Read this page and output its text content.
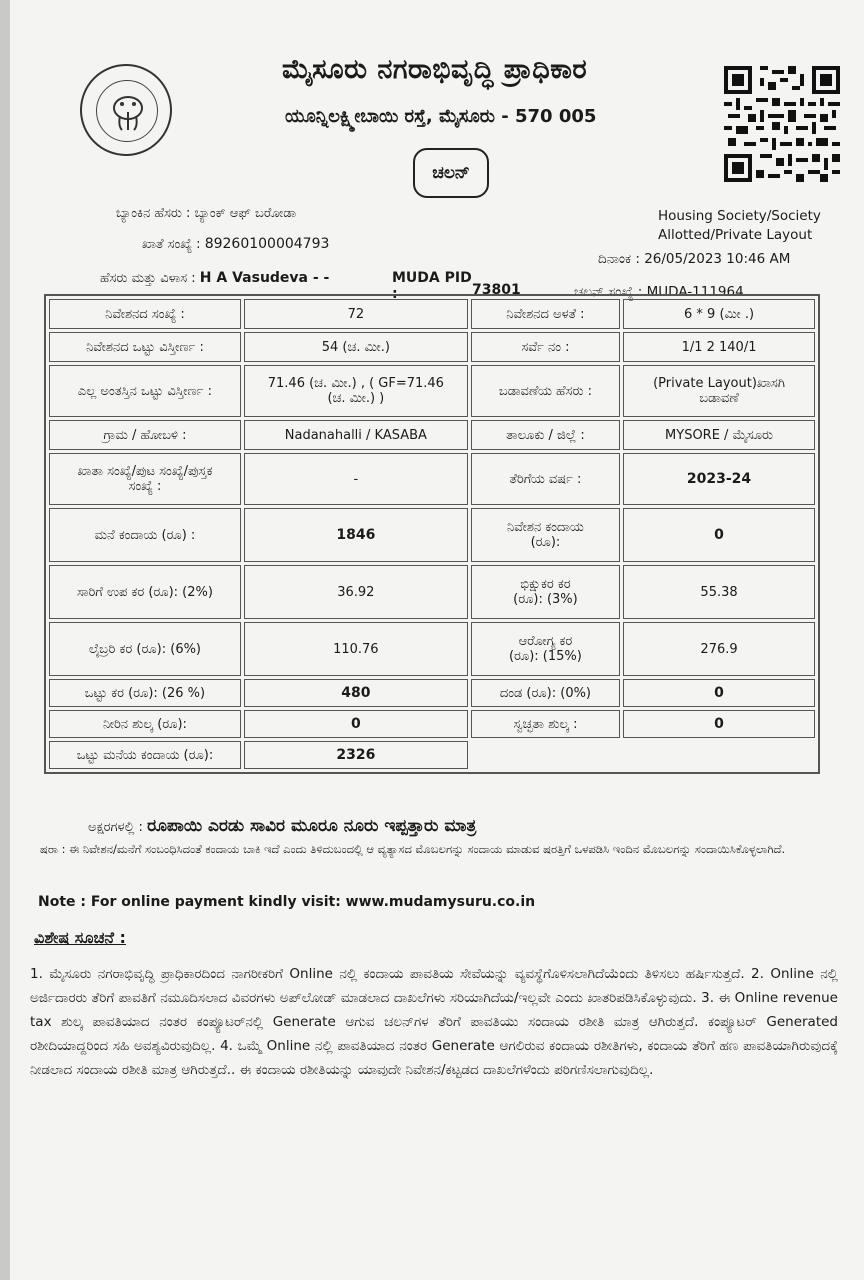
ಮೈಸೂರು ನಗರಾಭಿವೃದ್ಧಿ ಪ್ರಾಧಿಕಾರ
ಯೂನ್ನಿಲಕ್ಷ್ಮೀಬಾಯಿ ರಸ್ತೆ, ಮೈಸೂರು - 570 005
ಚಲನ್
ಬ್ಯಾಂಕಿನ ಹೆಸರು : ಬ್ಯಾಂಕ್ ಆಫ್ ಬರೋಡಾ
ಖಾತೆ ಸಂಖ್ಯೆ : 89260100004793
ಹೆಸರು ಮತ್ತು ವಿಳಾಸ : H A Vasudeva - -	MUDA PID :	73801
Housing Society/Society
Allotted/Private Layout
ದಿನಾಂಕ : 26/05/2023 10:46 AM
ಚಲನ್ ಸಂಖ್ಯೆ : MUDA-111964
ನಿವೇಶನದ ಸಂಖ್ಯೆ :	72	ನಿವೇಶನದ ಅಳತೆ :	6 * 9 (ಮೀ .)
ನಿವೇಶನದ ಒಟ್ಟು ವಿಸ್ತೀರ್ಣ :	54 (ಚ. ಮೀ.)	ಸರ್ವೆ ನಂ :	1/1 2 140/1
ಎಲ್ಲ ಅಂತಸ್ತಿನ ಒಟ್ಟು ವಿಸ್ತೀರ್ಣ :	71.46 (ಚ. ಮೀ.) , ( GF=71.46
(ಚ. ಮೀ.) )	ಬಡಾವಣೆಯ ಹೆಸರು :	(Private Layout)ಖಾಸಗಿ
ಬಡಾವಣೆ
ಗ್ರಾಮ / ಹೋಬಳಿ :	Nadanahalli / KASABA	ತಾಲೂಕು / ಜಿಲ್ಲೆ :	MYSORE / ಮೈಸೂರು
ಖಾತಾ ಸಂಖ್ಯೆ/ಪುಟ ಸಂಖ್ಯೆ/ಪುಸ್ತಕ
ಸಂಖ್ಯೆ :	-	ತೆರಿಗೆಯ ವರ್ಷ :	2023-24
ಮನೆ ಕಂದಾಯ (ರೂ) :	1846	ನಿವೇಶನ ಕಂದಾಯ
(ರೂ):	0
ಸಾರಿಗೆ ಉಪ ಕರ (ರೂ): (2%)	36.92	ಭಿಕ್ಷುಕರ ಕರ
(ರೂ): (3%)	55.38
ಲೈಬ್ರರಿ ಕರ (ರೂ): (6%)	110.76	ಆರೋಗ್ಯ ಕರ
(ರೂ): (15%)	276.9
ಒಟ್ಟು ಕರ (ರೂ): (26 %)	480	ದಂಡ (ರೂ): (0%)	0
ನೀರಿನ ಶುಲ್ಕ (ರೂ):	0	ಸ್ವಚ್ಛತಾ ಶುಲ್ಕ :	0
ಒಟ್ಟು ಮನೆಯ ಕಂದಾಯ (ರೂ):	2326		
ಅಕ್ಷರಗಳಲ್ಲಿ : ರೂಪಾಯಿ ಎರಡು ಸಾವಿರ ಮೂರೂ ನೂರು ಇಪ್ಪತ್ತಾರು ಮಾತ್ರ
ಷರಾ : ಈ ನಿವೇಶನ/ಮನೆಗೆ ಸಂಬಂಧಿಸಿದಂತೆ ಕಂದಾಯ ಬಾಕಿ ಇದೆ ಎಂದು ತಿಳಿದುಬಂದಲ್ಲಿ ಆ ವ್ಯತ್ಯಾಸದ ಮೊಬಲಗನ್ನು ಸಂದಾಯ ಮಾಡುವ ಷರತ್ತಿಗೆ ಒಳಪಡಿಸಿ ಇಂದಿನ ಮೊಬಲಗನ್ನು ಸಂದಾಯಿಸಿಕೊಳ್ಳಲಾಗಿದೆ.
Note : For online payment kindly visit: www.mudamysuru.co.in
ವಿಶೇಷ ಸೂಚನೆ :
1. ಮೈಸೂರು ನಗರಾಭಿವೃದ್ಧಿ ಪ್ರಾಧಿಕಾರದಿಂದ ನಾಗರೀಕರಿಗೆ Online ನಲ್ಲಿ ಕಂದಾಯ ಪಾವತಿಯ ಸೇವೆಯನ್ನು ವ್ಯವಸ್ಥೆಗೊಳಿಸಲಾಗಿದೆಯೆಂದು ತಿಳಿಸಲು ಹರ್ಷಿಸುತ್ತದೆ. 2. Online ನಲ್ಲಿ ಅರ್ಜಿದಾರರು ತೆರಿಗೆ ಪಾವತಿಗೆ ನಮೂದಿಸಲಾದ ವಿವರಗಳು ಅಪ್‌ಲೋಡ್ ಮಾಡಲಾದ ದಾಖಲೆಗಳು ಸರಿಯಾಗಿದೆಯ/ಇಲ್ಲವೇ ಎಂದು ಖಾತರಿಪಡಿಸಿಕೊಳ್ಳುವುದು. 3. ಈ Online revenue tax ಶುಲ್ಕ ಪಾವತಿಯಾದ ನಂತರ ಕಂಪ್ಯೂಟರ್‌ನಲ್ಲಿ Generate ಆಗುವ ಚಲನ್‌ಗಳ ತೆರಿಗೆ ಪಾವತಿಯು ಸಂದಾಯ ರಶೀತಿ ಮಾತ್ರ ಆಗಿರುತ್ತದೆ. ಕಂಪ್ಯೂಟರ್ Generated ರಶೀದಿಯಾದ್ದರಿಂದ ಸಹಿ ಅವಶ್ಯವಿರುವುದಿಲ್ಲ. 4. ಒಮ್ಮೆ Online ನಲ್ಲಿ ಪಾವತಿಯಾದ ನಂತರ Generate ಆಗಲಿರುವ ಕಂದಾಯ ರಶೀತಿಗಳು, ಕಂದಾಯ ತೆರಿಗೆ ಹಣ ಪಾವತಿಯಾಗಿರುವುದಕ್ಕೆ ನೀಡಲಾದ ಸಂದಾಯ ರಶೀತಿ ಮಾತ್ರ ಆಗಿರುತ್ತದೆ.. ಈ ಕಂದಾಯ ರಶೀತಿಯನ್ನು ಯಾವುದೇ ನಿವೇಶನ/ಕಟ್ಟಡದ ದಾಖಲೆಗಳೆಂದು ಪರಿಗಣಿಸಲಾಗುವುದಿಲ್ಲ.
